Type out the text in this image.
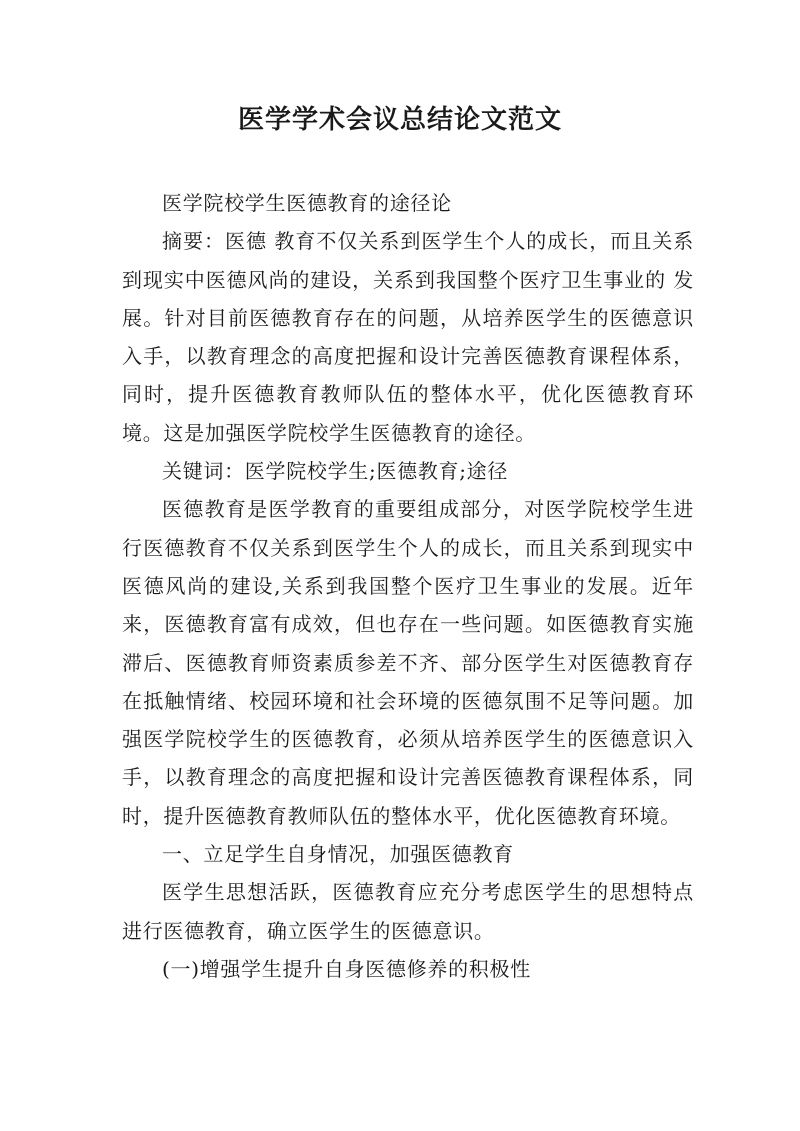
医学学术会议总结论文范文

医学院校学生医德教育的途径论

摘要：医德 教育不仅关系到医学生个人的成长，而且关系到现实中医德风尚的建设，关系到我国整个医疗卫生事业的 发展。针对目前医德教育存在的问题，从培养医学生的医德意识入手，以教育理念的高度把握和设计完善医德教育课程体系，同时，提升医德教育教师队伍的整体水平，优化医德教育环境。这是加强医学院校学生医德教育的途径。

关键词：医学院校学生;医德教育;途径

医德教育是医学教育的重要组成部分，对医学院校学生进行医德教育不仅关系到医学生个人的成长，而且关系到现实中医德风尚的建设,关系到我国整个医疗卫生事业的发展。近年来，医德教育富有成效，但也存在一些问题。如医德教育实施滞后、医德教育师资素质参差不齐、部分医学生对医德教育存在抵触情绪、校园环境和社会环境的医德氛围不足等问题。加强医学院校学生的医德教育，必须从培养医学生的医德意识入手，以教育理念的高度把握和设计完善医德教育课程体系，同时，提升医德教育教师队伍的整体水平，优化医德教育环境。

一、立足学生自身情况，加强医德教育

医学生思想活跃，医德教育应充分考虑医学生的思想特点进行医德教育，确立医学生的医德意识。

(一)增强学生提升自身医德修养的积极性
